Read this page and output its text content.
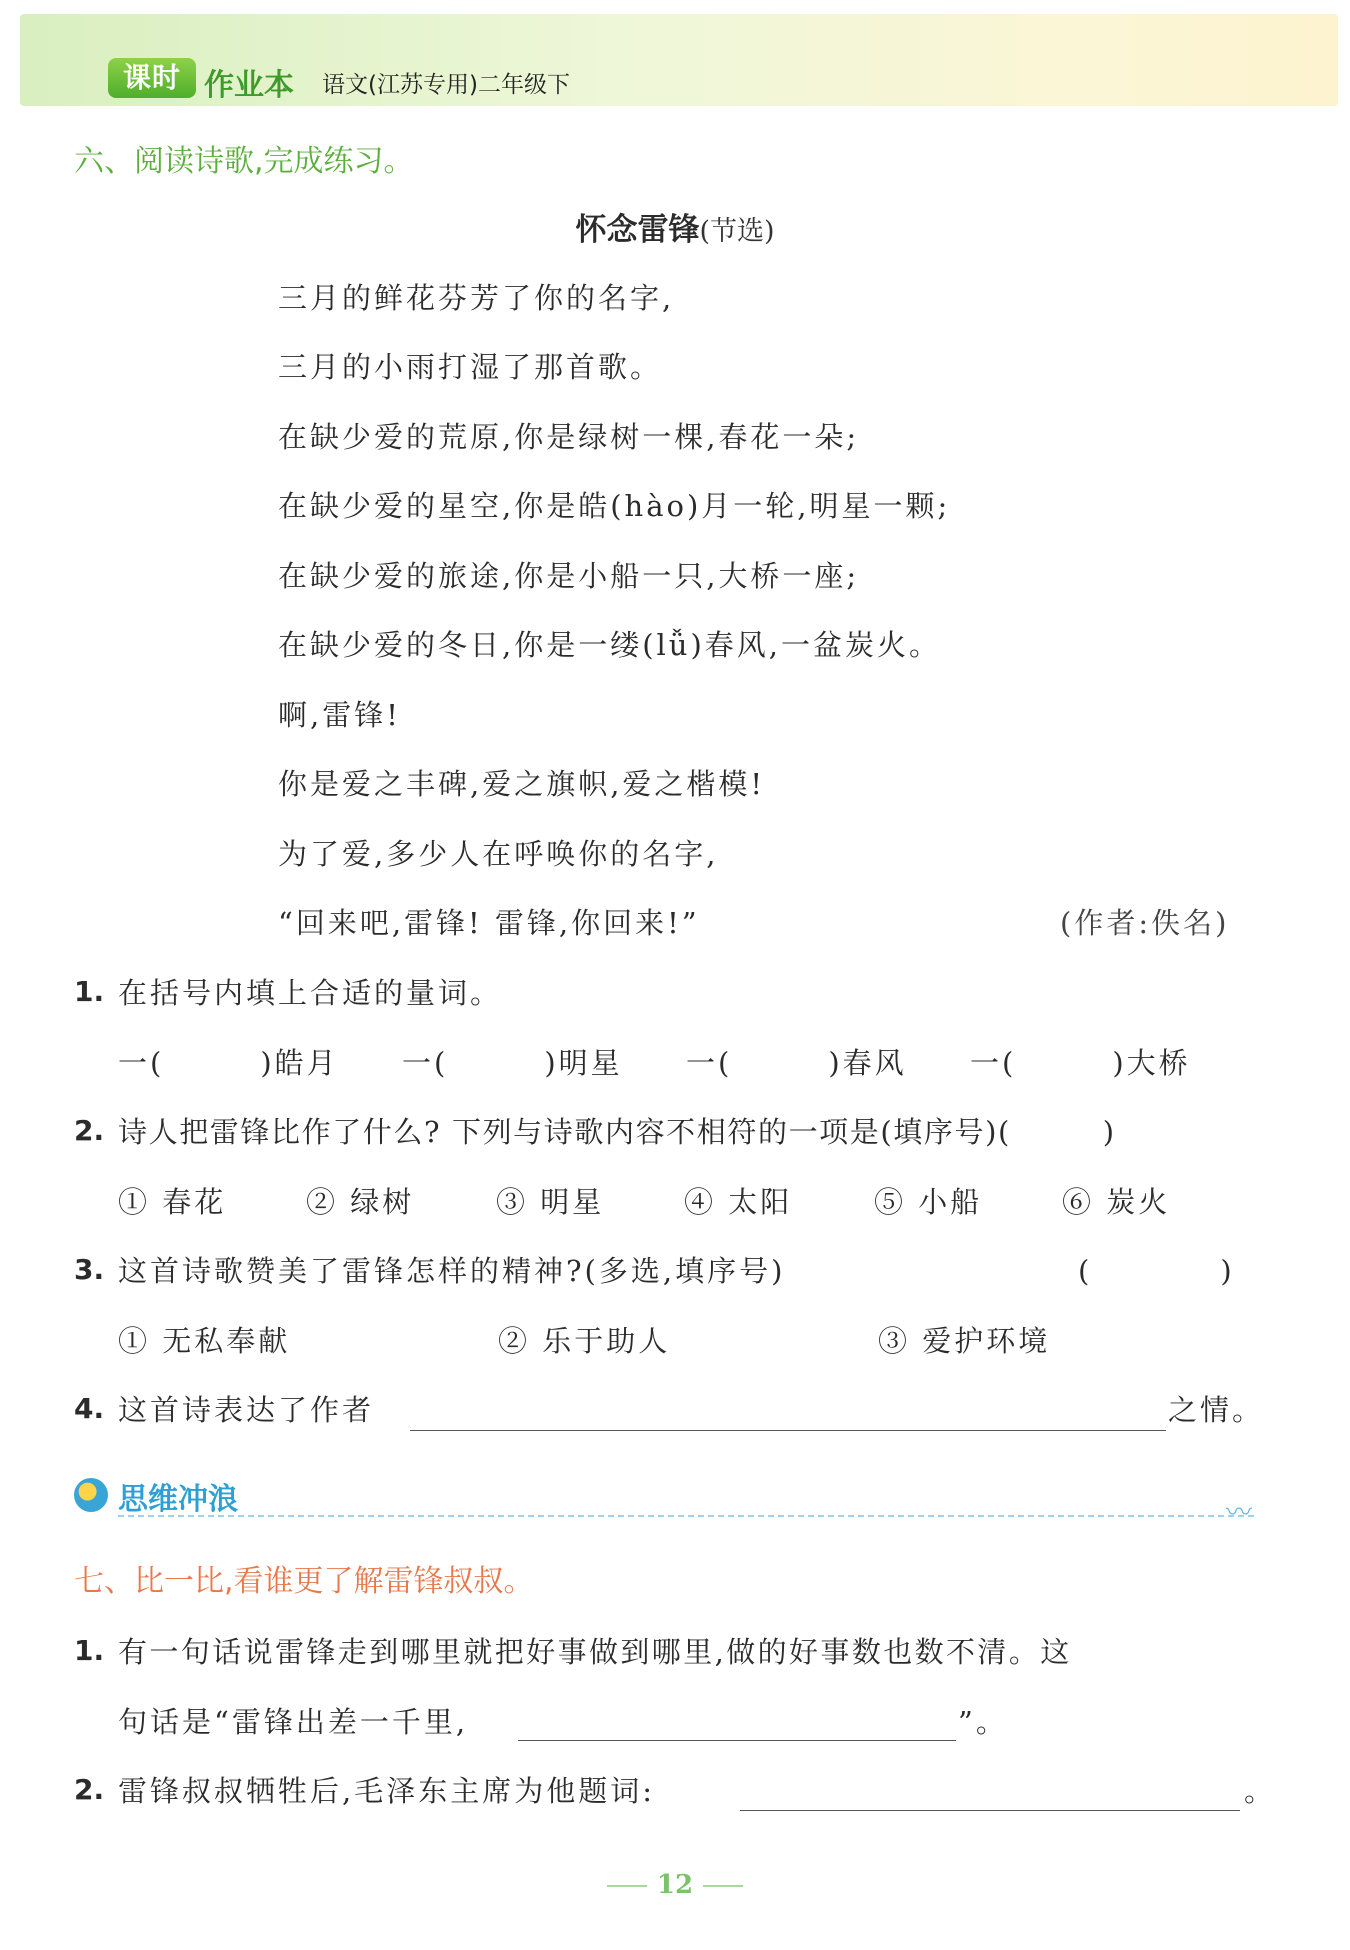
课时 作业本 语文(江苏专用)二年级下
六、阅读诗歌,完成练习。
怀念雷锋(节选)
三月的鲜花芬芳了你的名字,
三月的小雨打湿了那首歌。
在缺少爱的荒原,你是绿树一棵,春花一朵;
在缺少爱的星空,你是皓(hào)月一轮,明星一颗;
在缺少爱的旅途,你是小船一只,大桥一座;
在缺少爱的冬日,你是一缕(lǚ)春风,一盆炭火。
啊,雷锋!
你是爱之丰碑,爱之旗帜,爱之楷模!
为了爱,多少人在呼唤你的名字,
“回来吧,雷锋! 雷锋,你回来!”	(作者:佚名)
1. 在括号内填上合适的量词。
一(　　　)皓月 一(　　　)明星 一(　　　)春风 一(　　　)大桥
2. 诗人把雷锋比作了什么? 下列与诗歌内容不相符的一项是(填序号)(　　　)
① 春花	② 绿树	③ 明星	④ 太阳	⑤ 小船	⑥ 炭火
3. 这首诗歌赞美了雷锋怎样的精神?(多选,填序号)	(　　　　)
① 无私奉献	② 乐于助人	③ 爱护环境
4. 这首诗表达了作者	之情。
思维冲浪	〰
七、比一比,看谁更了解雷锋叔叔。
1. 有一句话说雷锋走到哪里就把好事做到哪里,做的好事数也数不清。这
句话是“雷锋出差一千里,	”。
2. 雷锋叔叔牺牲后,毛泽东主席为他题词:	。
12
